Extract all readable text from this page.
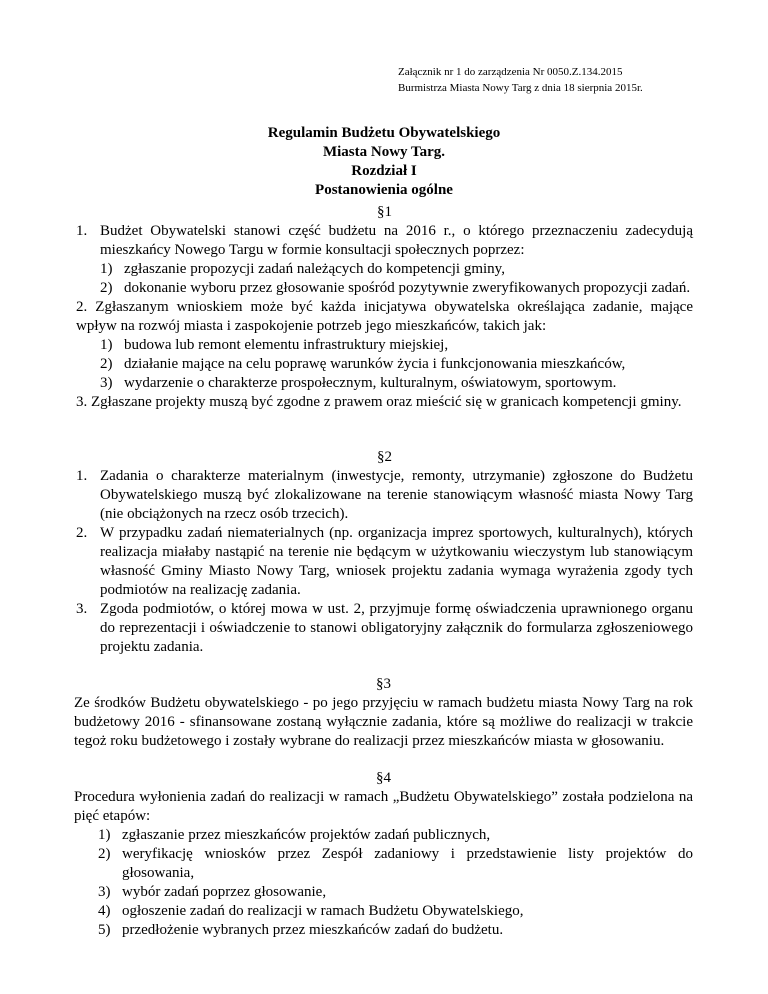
Załącznik nr 1 do zarządzenia Nr 0050.Z.134.2015
Burmistrza Miasta Nowy Targ z dnia 18 sierpnia 2015r.
Regulamin Budżetu Obywatelskiego
Miasta Nowy Targ.
Rozdział I
Postanowienia ogólne

§1

1. Budżet Obywatelski stanowi część budżetu na 2016 r., o którego przeznaczeniu zadecydują mieszkańcy Nowego Targu w formie konsultacji społecznych poprzez:
1) zgłaszanie propozycji zadań należących do kompetencji gminy,
2) dokonanie wyboru przez głosowanie spośród pozytywnie zweryfikowanych propozycji zadań.

2. Zgłaszanym wnioskiem może być każda inicjatywa obywatelska określająca zadanie, mające wpływ na rozwój miasta i zaspokojenie potrzeb jego mieszkańców, takich jak:

1) budowa lub remont elementu infrastruktury miejskiej,
2) działanie mające na celu poprawę warunków życia i funkcjonowania mieszkańców,
3) wydarzenie o charakterze prospołecznym, kulturalnym, oświatowym, sportowym.

3. Zgłaszane projekty muszą być zgodne z prawem oraz mieścić się w granicach kompetencji gminy.

§2

1. Zadania o charakterze materialnym (inwestycje, remonty, utrzymanie) zgłoszone do Budżetu Obywatelskiego muszą być zlokalizowane na terenie stanowiącym własność miasta Nowy Targ (nie obciążonych na rzecz osób trzecich).
2. W przypadku zadań niematerialnych (np. organizacja imprez sportowych, kulturalnych), których realizacja miałaby nastąpić na terenie nie będącym w użytkowaniu wieczystym lub stanowiącym własność Gminy Miasto Nowy Targ, wniosek projektu zadania wymaga wyrażenia zgody tych podmiotów na realizację zadania.
3. Zgoda podmiotów, o której mowa w ust. 2, przyjmuje formę oświadczenia uprawnionego organu do reprezentacji i oświadczenie to stanowi obligatoryjny załącznik do formularza zgłoszeniowego projektu zadania.

§3

Ze środków Budżetu obywatelskiego - po jego przyjęciu w ramach budżetu miasta Nowy Targ na rok budżetowy 2016 - sfinansowane zostaną wyłącznie zadania, które są możliwe do realizacji w trakcie tegoż roku budżetowego i zostały wybrane do realizacji przez mieszkańców miasta w głosowaniu.

§4

Procedura wyłonienia zadań do realizacji w ramach „Budżetu Obywatelskiego” została podzielona na pięć etapów:

1) zgłaszanie przez mieszkańców projektów zadań publicznych,
2) weryfikację wniosków przez Zespół zadaniowy i przedstawienie listy projektów do głosowania,
3) wybór zadań poprzez głosowanie,
4) ogłoszenie zadań do realizacji w ramach Budżetu Obywatelskiego,
5) przedłożenie wybranych przez mieszkańców zadań do budżetu.
